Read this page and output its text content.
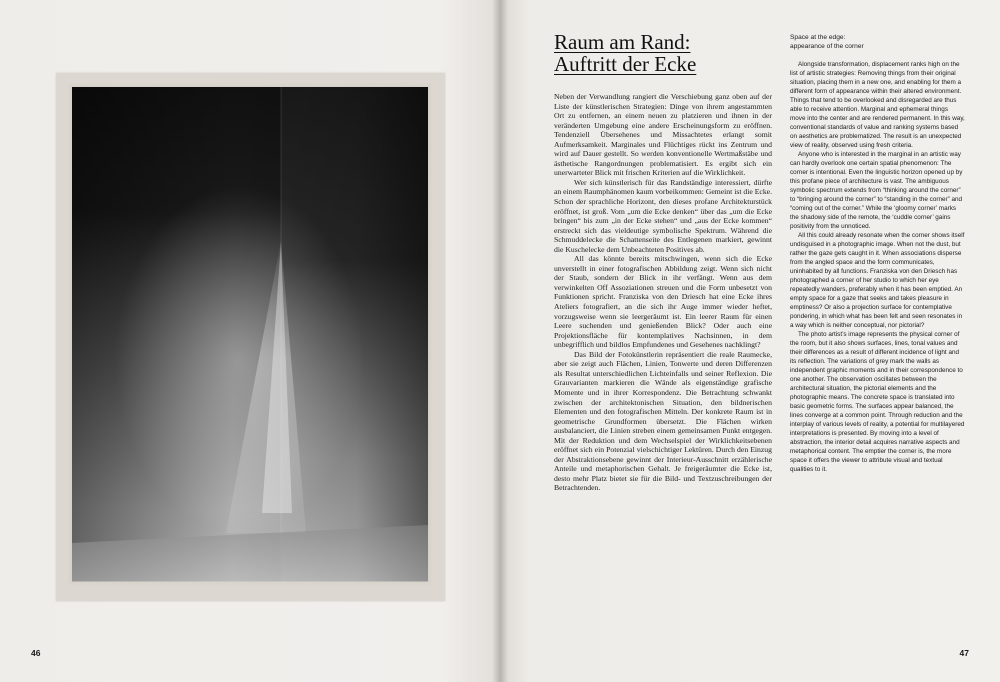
46
Raum am Rand:
Auftritt der Ecke

Neben der Verwandlung rangiert die Verschiebung ganz oben auf der Liste der künstlerischen Strategien: Dinge von ihrem angestammten Ort zu entfernen, an einem neuen zu platzieren und ihnen in der veränderten Umgebung eine andere Erscheinungsform zu eröffnen. Tendenziell Übersehenes und Missachtetes erlangt somit Aufmerksamkeit. Marginales und Flüchtiges rückt ins Zentrum und wird auf Dauer gestellt. So werden konventionelle Wertmaßstäbe und ästhetische Rangordnungen problematisiert. Es ergibt sich ein unerwarteter Blick mit frischen Kriterien auf die Wirklichkeit.

Wer sich künstlerisch für das Randständige interessiert, dürfte an einem Raumphänomen kaum vorbeikommen: Gemeint ist die Ecke. Schon der sprachliche Horizont, den dieses profane Architekturstück eröffnet, ist groß. Vom „um die Ecke denken“ über das „um die Ecke bringen“ bis zum „in der Ecke stehen“ und „aus der Ecke kommen“ erstreckt sich das vieldeutige symbolische Spektrum. Während die Schmuddelecke die Schattenseite des Entlegenen markiert, gewinnt die Kuschelecke dem Unbeachteten Positives ab.

All das könnte bereits mitschwingen, wenn sich die Ecke unverstellt in einer fotografischen Abbildung zeigt. Wenn sich nicht der Staub, sondern der Blick in ihr verfängt. Wenn aus dem verwinkelten Off Assoziationen streuen und die Form unbesetzt von Funktionen spricht. Franziska von den Driesch hat eine Ecke ihres Ateliers fotografiert, an die sich ihr Auge immer wieder heftet, vorzugsweise wenn sie leergeräumt ist. Ein leerer Raum für einen Leere suchenden und genießenden Blick? Oder auch eine Projektionsfläche für kontemplatives Nachsinnen, in dem unbegrifflich und bildlos Empfundenes und Gesehenes nachklingt?

Das Bild der Fotokünstlerin repräsentiert die reale Raumecke, aber sie zeigt auch Flächen, Linien, Tonwerte und deren Differenzen als Resultat unterschiedlichen Lichteinfalls und seiner Reflexion. Die Grauvarianten markieren die Wände als eigenständige grafische Momente und in ihrer Korrespondenz. Die Betrachtung schwankt zwischen der architektonischen Situation, den bildnerischen Elementen und den fotografischen Mitteln. Der konkrete Raum ist in geometrische Grundformen übersetzt. Die Flächen wirken ausbalanciert, die Linien streben einem gemeinsamen Punkt entgegen. Mit der Reduktion und dem Wechselspiel der Wirklichkeitsebenen eröffnet sich ein Potenzial vielschichtiger Lektüren. Durch den Einzug der Abstraktionsebene gewinnt der Interieur-Ausschnitt erzählerische Anteile und metaphorischen Gehalt. Je freigeräumter die Ecke ist, desto mehr Platz bietet sie für die Bild- und Textzuschreibungen der Betrachtenden.

Space at the edge:
appearance of the corner

Alongside transformation, displacement ranks high on the list of artistic strategies: Removing things from their original situation, placing them in a new one, and enabling for them a different form of appearance within their altered environment. Things that tend to be overlooked and disregarded are thus able to receive attention. Marginal and ephemeral things move into the center and are rendered permanent. In this way, conventional standards of value and ranking systems based on aesthetics are problematized. The result is an unexpected view of reality, observed using fresh criteria.

Anyone who is interested in the marginal in an artistic way can hardly overlook one certain spatial phenomenon: The corner is intentional. Even the linguistic horizon opened up by this profane piece of architecture is vast. The ambiguous symbolic spectrum extends from “thinking around the corner” to “bringing around the corner” to “standing in the corner” and “coming out of the corner.” While the ‘gloomy corner’ marks the shadowy side of the remote, the ‘cuddle corner’ gains positivity from the unnoticed.

All this could already resonate when the corner shows itself undisguised in a photographic image. When not the dust, but rather the gaze gets caught in it. When associations disperse from the angled space and the form communicates, uninhabited by all functions. Franziska von den Driesch has photographed a corner of her studio to which her eye repeatedly wanders, preferably when it has been emptied. An empty space for a gaze that seeks and takes pleasure in emptiness? Or also a projection surface for contemplative pondering, in which what has been felt and seen resonates in a way which is neither conceptual, nor pictorial?

The photo artist’s image represents the physical corner of the room, but it also shows surfaces, lines, tonal values and their differences as a result of different incidence of light and its reflection. The variations of grey mark the walls as independent graphic moments and in their correspondence to one another. The observation oscillates between the architectural situation, the pictorial elements and the photographic means. The concrete space is translated into basic geometric forms. The surfaces appear balanced, the lines converge at a common point. Through reduction and the interplay of various levels of reality, a potential for multilayered interpretations is presented. By moving into a level of abstraction, the interior detail acquires narrative aspects and metaphorical content. The emptier the corner is, the more space it offers the viewer to attribute visual and textual qualities to it.

47
